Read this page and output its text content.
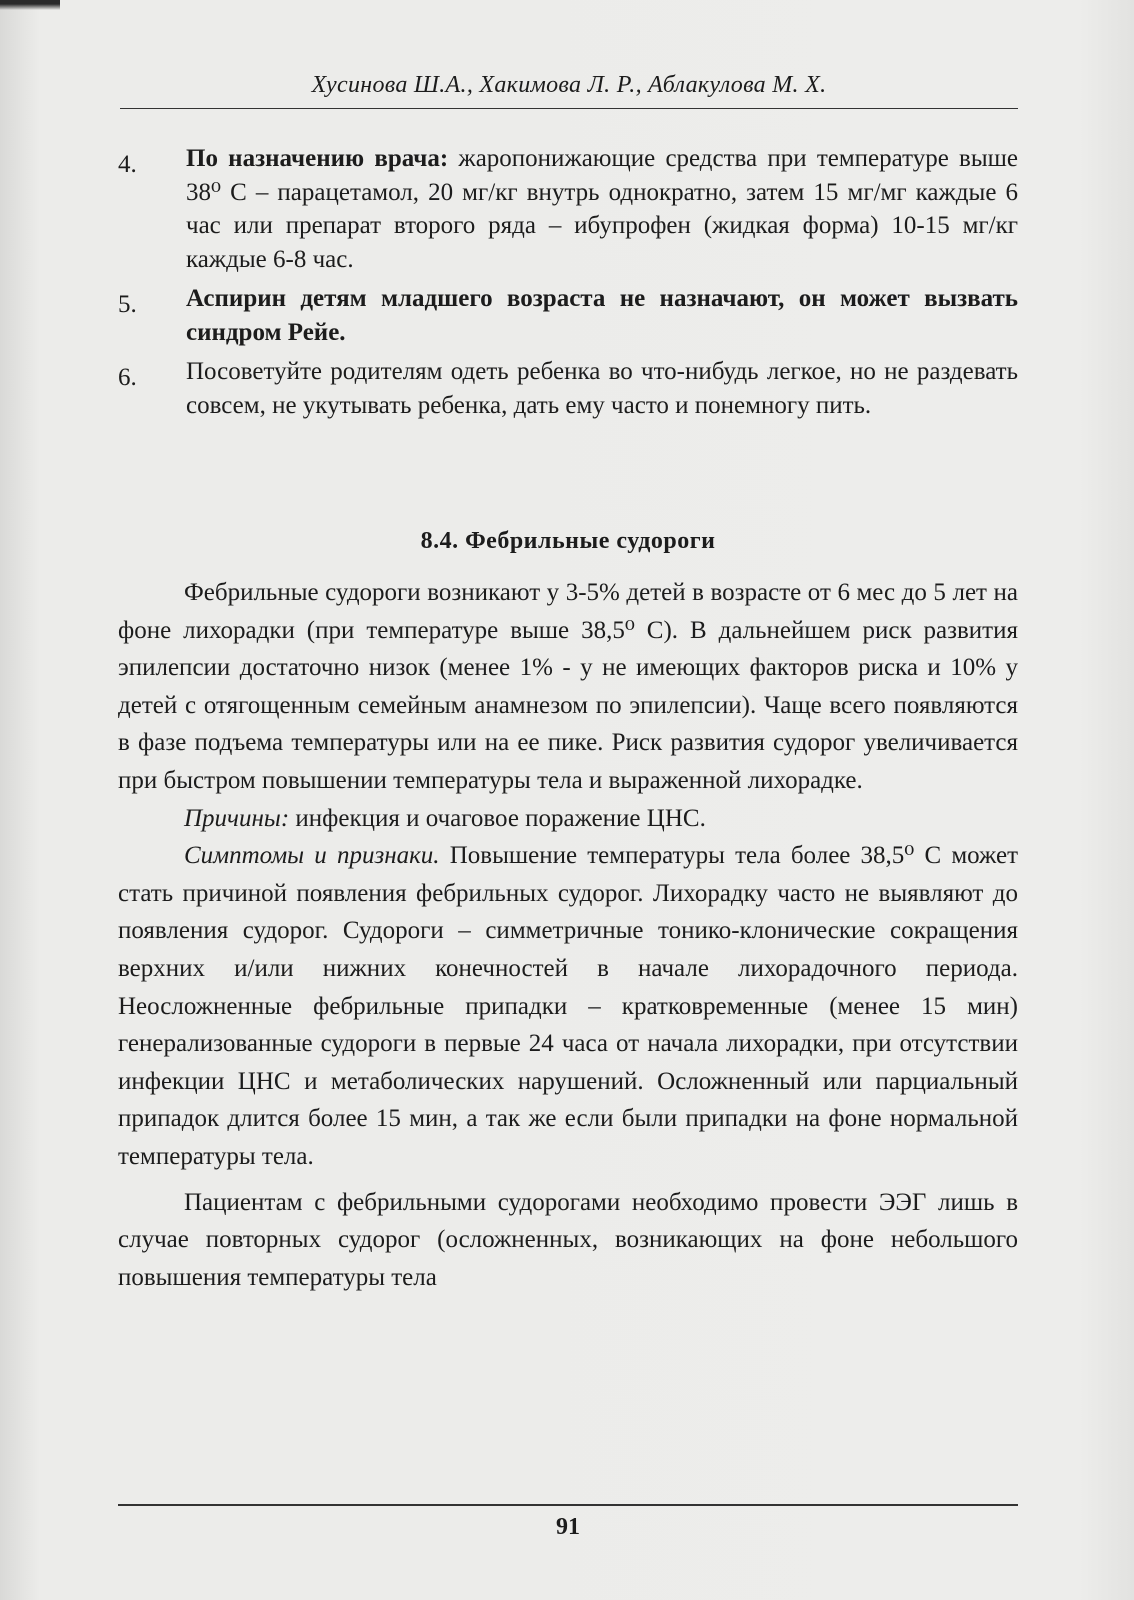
Хусинова Ш.А., Хакимова Л. Р., Аблакулова М. Х.
4.	По назначению врача: жаропонижающие средства при температуре выше 38⁰ С – парацетамол, 20 мг/кг внутрь однократно, затем 15 мг/мг каждые 6 час или препарат второго ряда – ибупрофен (жидкая форма) 10-15 мг/кг каждые 6-8 час.
5.	Аспирин детям младшего возраста не назначают, он может вызвать синдром Рейе.
6.	Посоветуйте родителям одеть ребенка во что-нибудь легкое, но не раздевать совсем, не укутывать ребенка, дать ему часто и понемногу пить.
8.4. Фебрильные судороги

Фебрильные судороги возникают у 3-5% детей в возрасте от 6 мес до 5 лет на фоне лихорадки (при температуре выше 38,5⁰ С). В дальнейшем риск развития эпилепсии достаточно низок (менее 1% - у не имеющих факторов риска и 10% у детей с отягощенным семейным анамнезом по эпилепсии). Чаще всего появляются в фазе подъема температуры или на ее пике. Риск развития судорог увеличивается при быстром повышении температуры тела и выраженной лихорадке.

Причины: инфекция и очаговое поражение ЦНС.

Симптомы и признаки. Повышение температуры тела более 38,5⁰ С может стать причиной появления фебрильных судорог. Лихорадку часто не выявляют до появления судорог. Судороги – симметричные тонико-клонические сокращения верхних и/или нижних конечностей в начале лихорадочного периода. Неосложненные фебрильные припадки – кратковременные (менее 15 мин) генерализованные судороги в первые 24 часа от начала лихорадки, при отсутствии инфекции ЦНС и метаболических нарушений. Осложненный или парциальный припадок длится более 15 мин, а так же если были припадки на фоне нормальной температуры тела.

Пациентам с фебрильными судорогами необходимо провести ЭЭГ лишь в случае повторных судорог (осложненных, возникающих на фоне небольшого повышения температуры тела

91
